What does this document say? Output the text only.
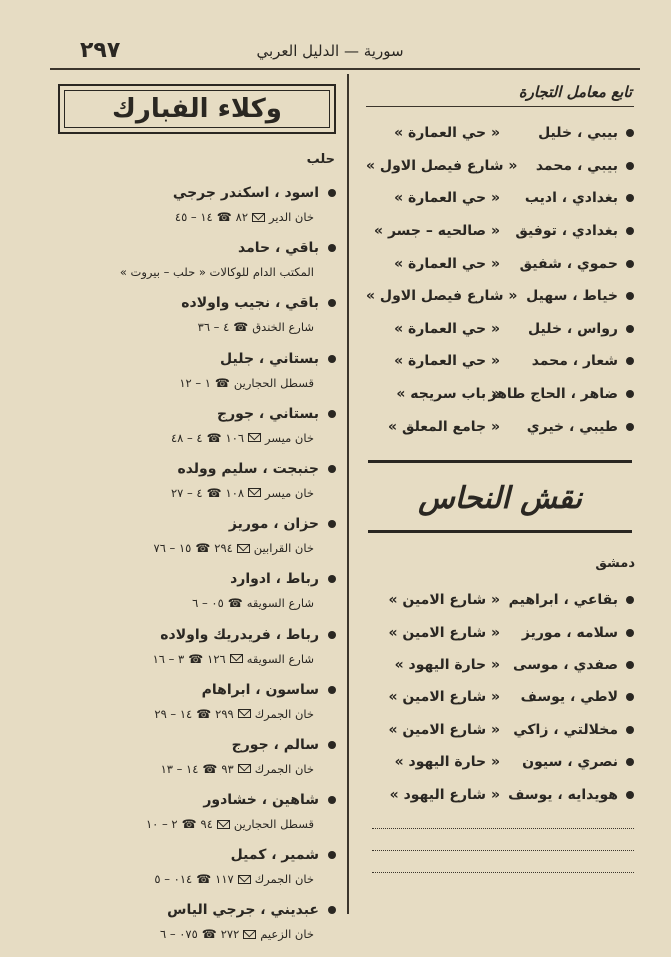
٢٩٧	سورية — الدليل العربي
تابع معامل التجارة
بيبي ، خليل
« حي العمارة »
بيبي ، محمد
« شارع فيصل الاول »
بغدادي ، اديب
« حي العمارة »
بغدادي ، توفيق
« صالحيه – جسر »
حموي ، شفيق
« حي العمارة »
خياط ، سهيل
« شارع فيصل الاول »
رواس ، خليل
« حي العمارة »
شعار ، محمد
« حي العمارة »
ضاهر ، الحاج طاهر
« باب سريجه »
طيبي ، خيري
« جامع المعلق »
نقش النحاس
دمشق
بقاعي ، ابراهيم
« شارع الامين »
سلامه ، موريز
« شارع الامين »
صفدي ، موسى
« حارة اليهود »
لاطي ، يوسف
« شارع الامين »
مخلالتي ، زاكي
« شارع الامين »
نصري ، سيون
« حارة اليهود »
هويدايه ، يوسف
« شارع اليهود »
وكلاء الفبارك
حلب
اسود ، اسكندر جرجي
خان الدير
٨٢
☎
١٤ – ٤٥
باقي ، حامد
المكتب الدام للوكالات « حلب – بيروت »
باقي ، نجيب واولاده
شارع الخندق
☎
٤ – ٣٦
بستاني ، جليل
قسطل الحجارين
☎
١ – ١٢
بستاني ، جورج
خان ميسر
١٠٦
☎
٤ – ٤٨
جنبجت ، سليم وولده
خان ميسر
١٠٨
☎
٤ – ٢٧
حزان ، موريز
خان القرابين
٢٩٤
☎
١٥ – ٧٦
رباط ، ادوارد
شارع السويقه
☎
٠٥ – ٦
رباط ، فريدريك واولاده
شارع السويقه
١٢٦
☎
٣ – ١٦
ساسون ، ابراهام
خان الجمرك
٢٩٩
☎
١٤ – ٢٩
سالم ، جورج
خان الجمرك
٩٣
☎
١٤ – ١٣
شاهين ، خشادور
قسطل الحجارين
٩٤
☎
٢ – ١٠
شمير ، كميل
خان الجمرك
١١٧
☎
٠١٤ – ٥
عبديني ، جرجي الياس
خان الزعيم
٢٧٢
☎
٠٧٥ – ٦
